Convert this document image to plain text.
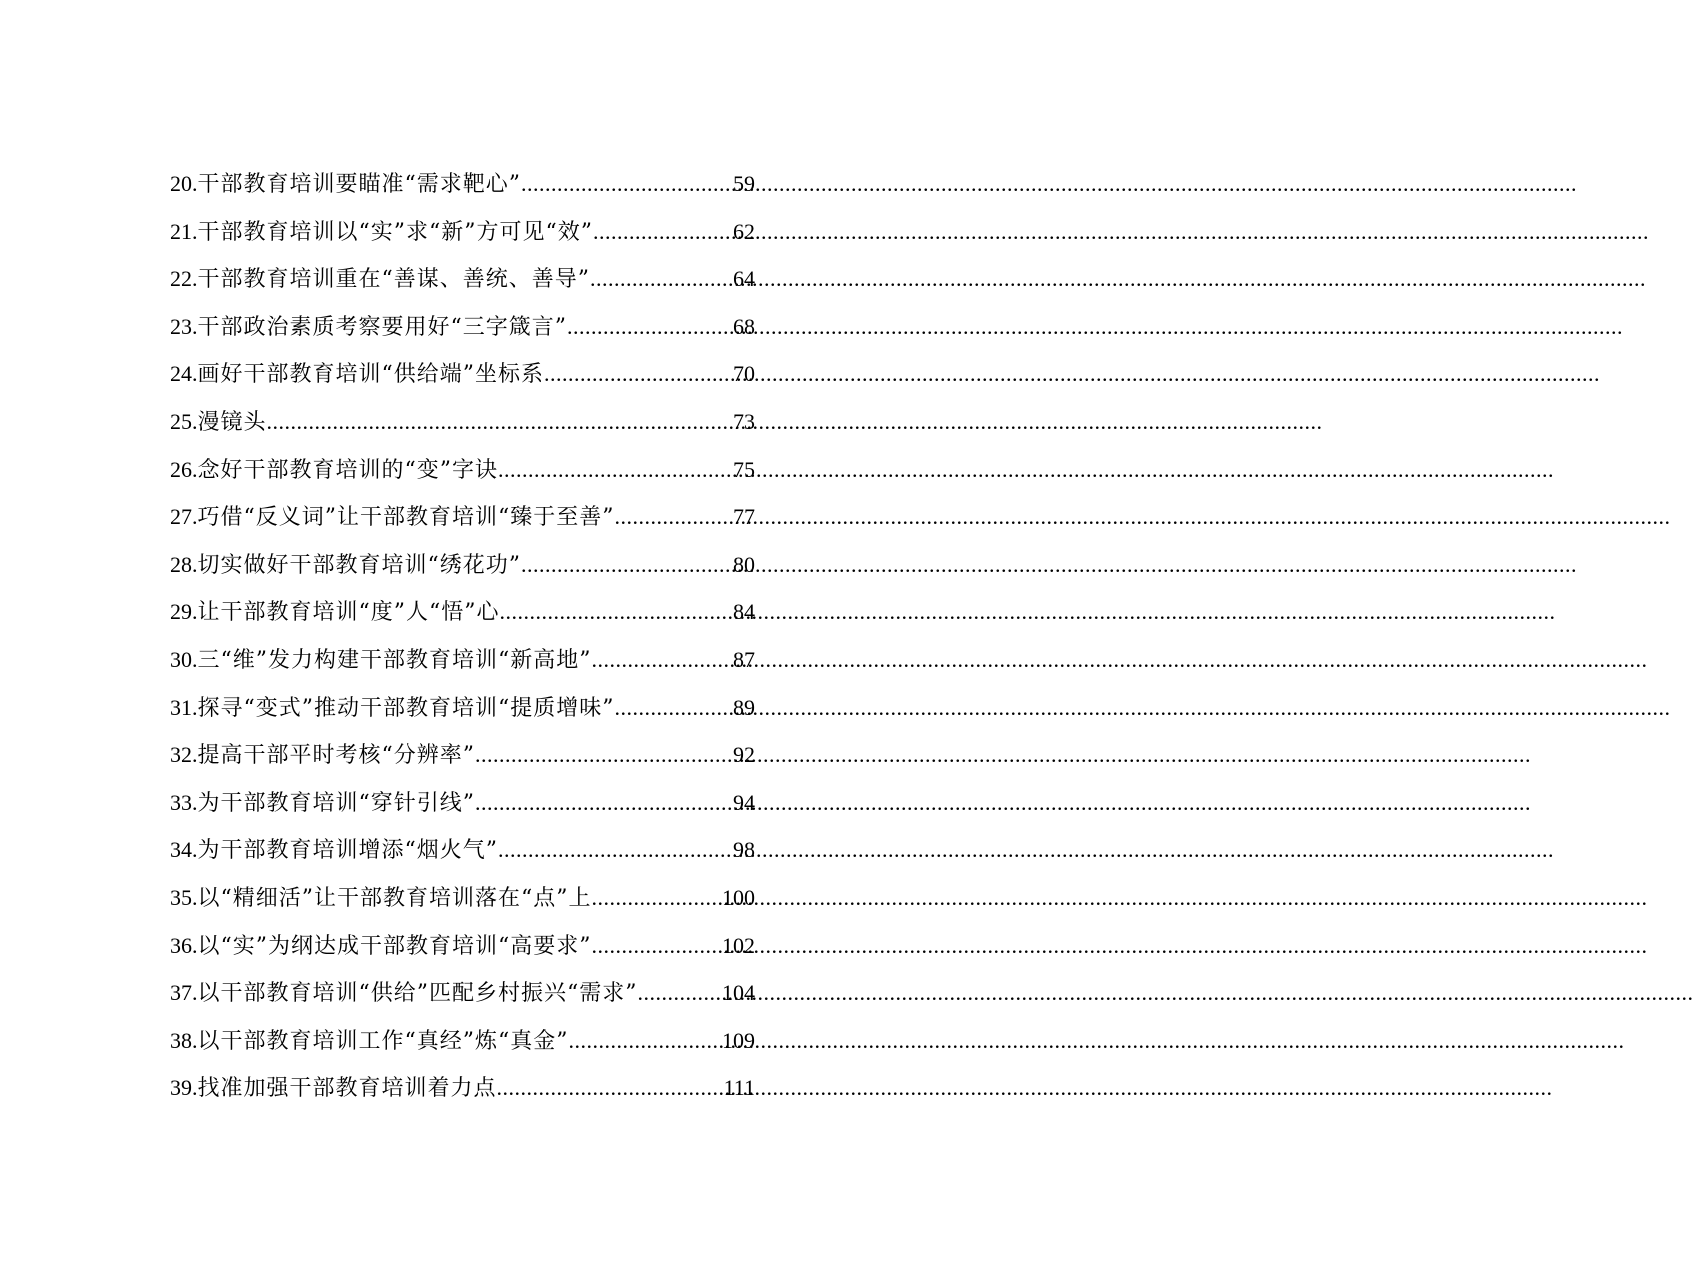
20. 干部教育培训要瞄准“需求靶心” .....	59
21. 干部教育培训以“实”求“新”方可见“效” .....	62
22. 干部教育培训重在“善谋、善统、善导” .....	64
23. 干部政治素质考察要用好“三字箴言” .....	68
24. 画好干部教育培训“供给端”坐标系 .....	70
25. 漫镜头 .....	73
26. 念好干部教育培训的“变”字诀 .....	75
27. 巧借“反义词”让干部教育培训“臻于至善” .....	77
28. 切实做好干部教育培训“绣花功” .....	80
29. 让干部教育培训“度”人“悟”心 .....	84
30. 三“维”发力构建干部教育培训“新高地” .....	87
31. 探寻“变式”推动干部教育培训“提质增味” .....	89
32. 提高干部平时考核“分辨率” .....	92
33. 为干部教育培训“穿针引线” .....	94
34. 为干部教育培训增添“烟火气” .....	98
35. 以“精细活”让干部教育培训落在“点”上 .....	100
36. 以“实”为纲达成干部教育培训“高要求” .....	102
37. 以干部教育培训“供给”匹配乡村振兴“需求” .....	104
38. 以干部教育培训工作“真经”炼“真金” .....	109
39. 找准加强干部教育培训着力点 .....	111
